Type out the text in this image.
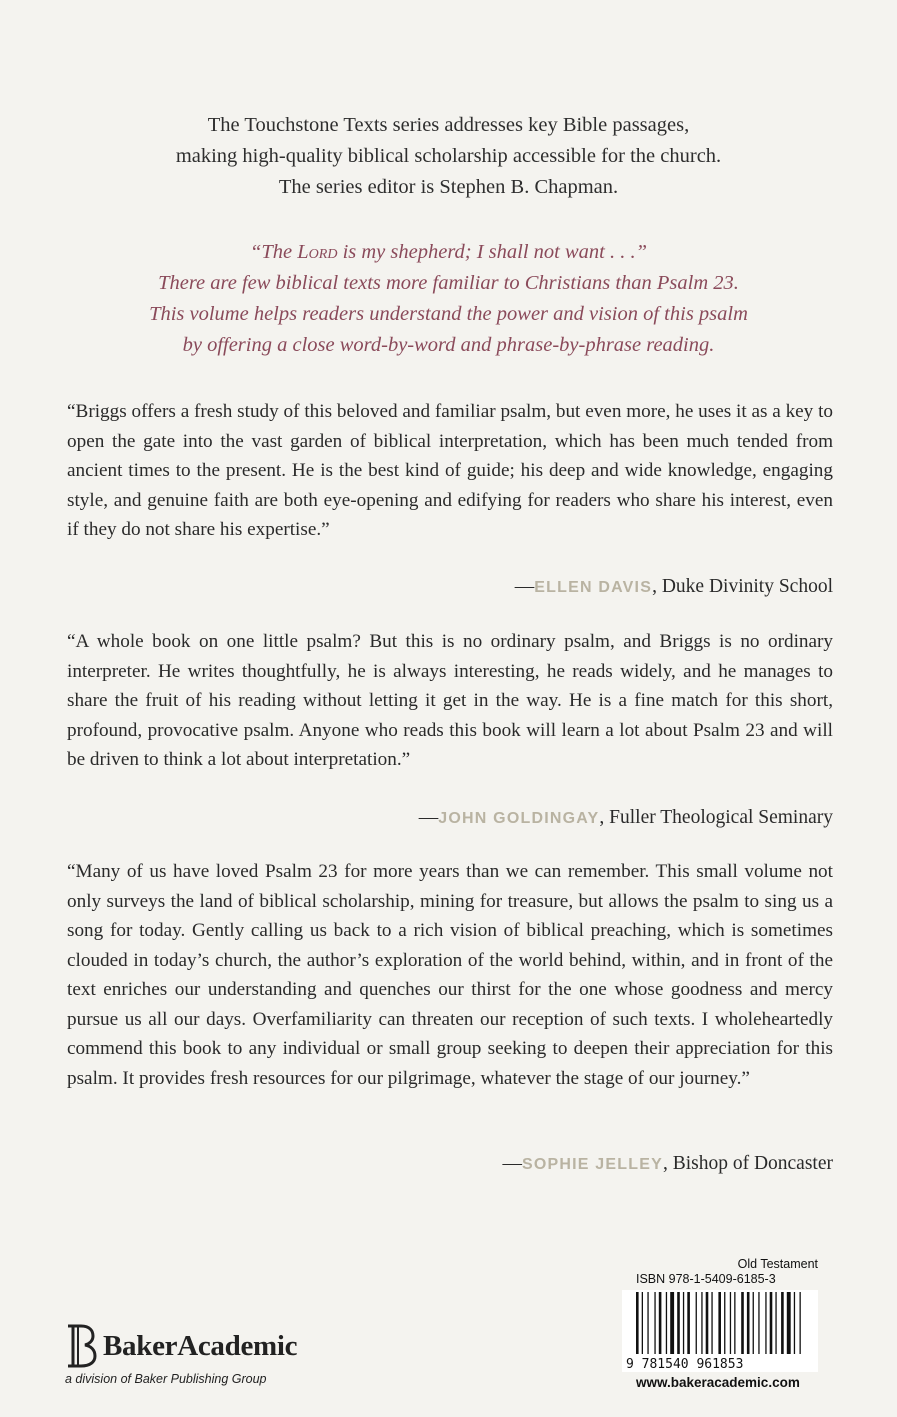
The Touchstone Texts series addresses key Bible passages,
making high-quality biblical scholarship accessible for the church.
The series editor is Stephen B. Chapman.
“The Lord is my shepherd; I shall not want . . .”
There are few biblical texts more familiar to Christians than Psalm 23.
This volume helps readers understand the power and vision of this psalm
by offering a close word-by-word and phrase-by-phrase reading.
“Briggs offers a fresh study of this beloved and familiar psalm, but even more, he uses it as a key to open the gate into the vast garden of biblical interpretation, which has been much tended from ancient times to the present. He is the best kind of guide; his deep and wide knowledge, engaging style, and genuine faith are both eye-opening and edifying for readers who share his interest, even if they do not share his expertise.”
—ELLEN DAVIS, Duke Divinity School
“A whole book on one little psalm? But this is no ordinary psalm, and Briggs is no ordinary interpreter. He writes thoughtfully, he is always interesting, he reads widely, and he manages to share the fruit of his reading without letting it get in the way. He is a fine match for this short, profound, provocative psalm. Anyone who reads this book will learn a lot about Psalm 23 and will be driven to think a lot about interpretation.”
—JOHN GOLDINGAY, Fuller Theological Seminary
“Many of us have loved Psalm 23 for more years than we can remember. This small volume not only surveys the land of biblical scholarship, mining for treasure, but allows the psalm to sing us a song for today. Gently calling us back to a rich vision of biblical preaching, which is sometimes clouded in today’s church, the author’s exploration of the world behind, within, and in front of the text enriches our understanding and quenches our thirst for the one whose goodness and mercy pursue us all our days. Overfamiliarity can threaten our reception of such texts. I wholeheartedly commend this book to any individual or small group seeking to deepen their appreciation for this psalm. It provides fresh resources for our pilgrimage, whatever the stage of our journey.”
—SOPHIE JELLEY, Bishop of Doncaster
BakerAcademic
a division of Baker Publishing Group
Old Testament
ISBN 978-1-5409-6185-3
9 781540 961853
www.bakeracademic.com
